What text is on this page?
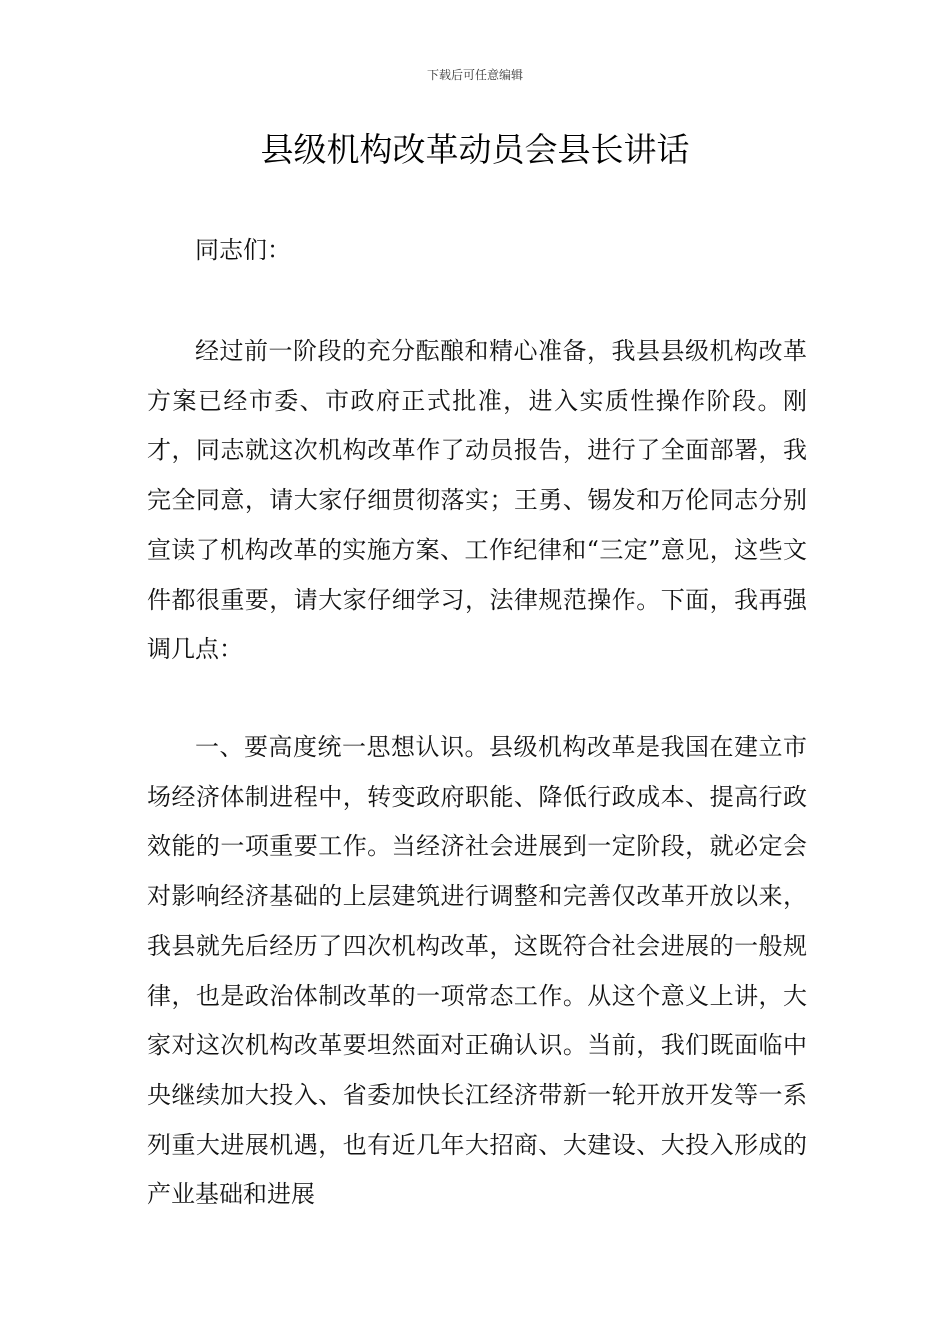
下载后可任意编辑
县级机构改革动员会县长讲话
同志们：

经过前一阶段的充分酝酿和精心准备，我县县级机构改革方案已经市委、市政府正式批准，进入实质性操作阶段。刚才，同志就这次机构改革作了动员报告，进行了全面部署，我完全同意，请大家仔细贯彻落实；王勇、锡发和万伦同志分别宣读了机构改革的实施方案、工作纪律和“三定”意见，这些文件都很重要，请大家仔细学习，法律规范操作。下面，我再强调几点：

一、要高度统一思想认识。县级机构改革是我国在建立市场经济体制进程中，转变政府职能、降低行政成本、提高行政效能的一项重要工作。当经济社会进展到一定阶段，就必定会对影响经济基础的上层建筑进行调整和完善仅改革开放以来，我县就先后经历了四次机构改革，这既符合社会进展的一般规律，也是政治体制改革的一项常态工作。从这个意义上讲，大家对这次机构改革要坦然面对正确认识。当前，我们既面临中央继续加大投入、省委加快长江经济带新一轮开放开发等一系列重大进展机遇，也有近几年大招商、大建设、大投入形成的产业基础和进展
